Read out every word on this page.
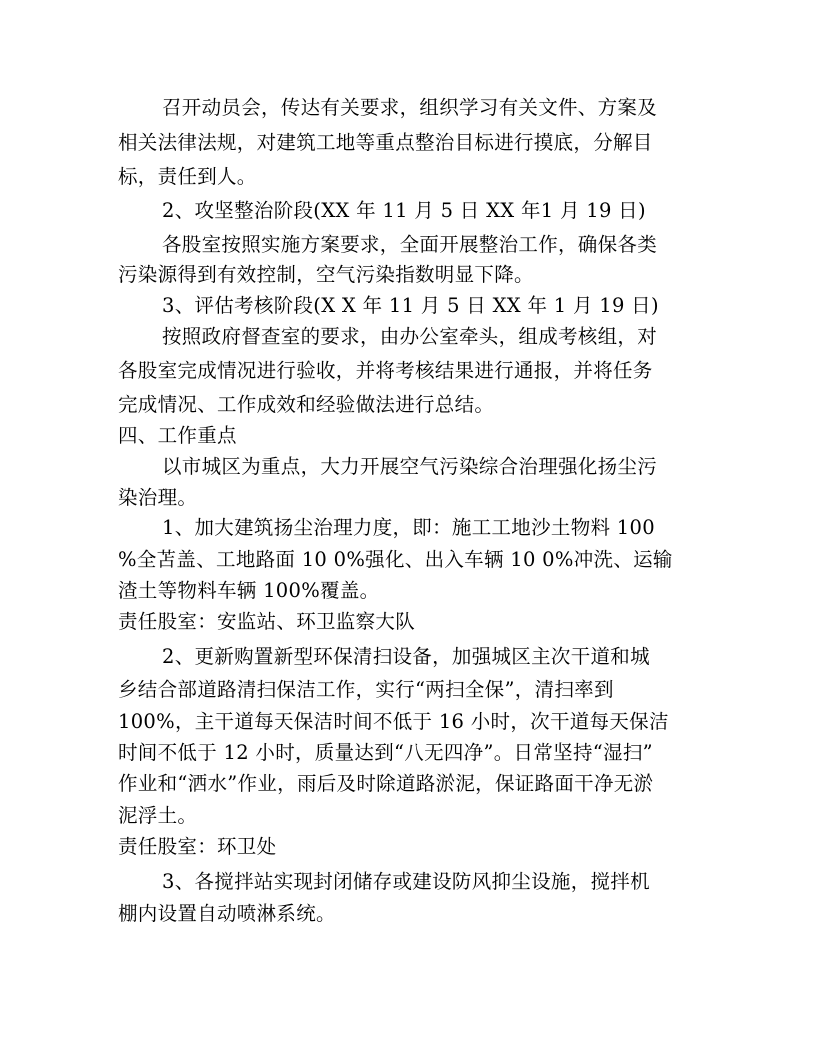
召开动员会，传达有关要求，组织学习有关文件、方案及
相关法律法规，对建筑工地等重点整治目标进行摸底，分解目
标，责任到人。
2、攻坚整治阶段(XX 年 11 月 5 日 XX 年1 月 19 日)
各股室按照实施方案要求，全面开展整治工作，确保各类
污染源得到有效控制，空气污染指数明显下降。
3、评估考核阶段(X X 年 11 月 5 日 XX 年 1 月 19 日)
按照政府督查室的要求，由办公室牵头，组成考核组，对
各股室完成情况进行验收，并将考核结果进行通报，并将任务
完成情况、工作成效和经验做法进行总结。
四、工作重点
以市城区为重点，大力开展空气污染综合治理强化扬尘污
染治理。
1、加大建筑扬尘治理力度，即：施工工地沙土物料 100
%全苫盖、工地路面 10 0%强化、出入车辆 10 0%冲洗、运输
渣土等物料车辆 100%覆盖。
责任股室：安监站、环卫监察大队
2、更新购置新型环保清扫设备，加强城区主次干道和城
乡结合部道路清扫保洁工作，实行“两扫全保”，清扫率到
100%，主干道每天保洁时间不低于 16 小时，次干道每天保洁
时间不低于 12 小时，质量达到“八无四净”。日常坚持“湿扫”
作业和“洒水”作业，雨后及时除道路淤泥，保证路面干净无淤
泥浮土。
责任股室：环卫处
3、各搅拌站实现封闭储存或建设防风抑尘设施，搅拌机
棚内设置自动喷淋系统。
